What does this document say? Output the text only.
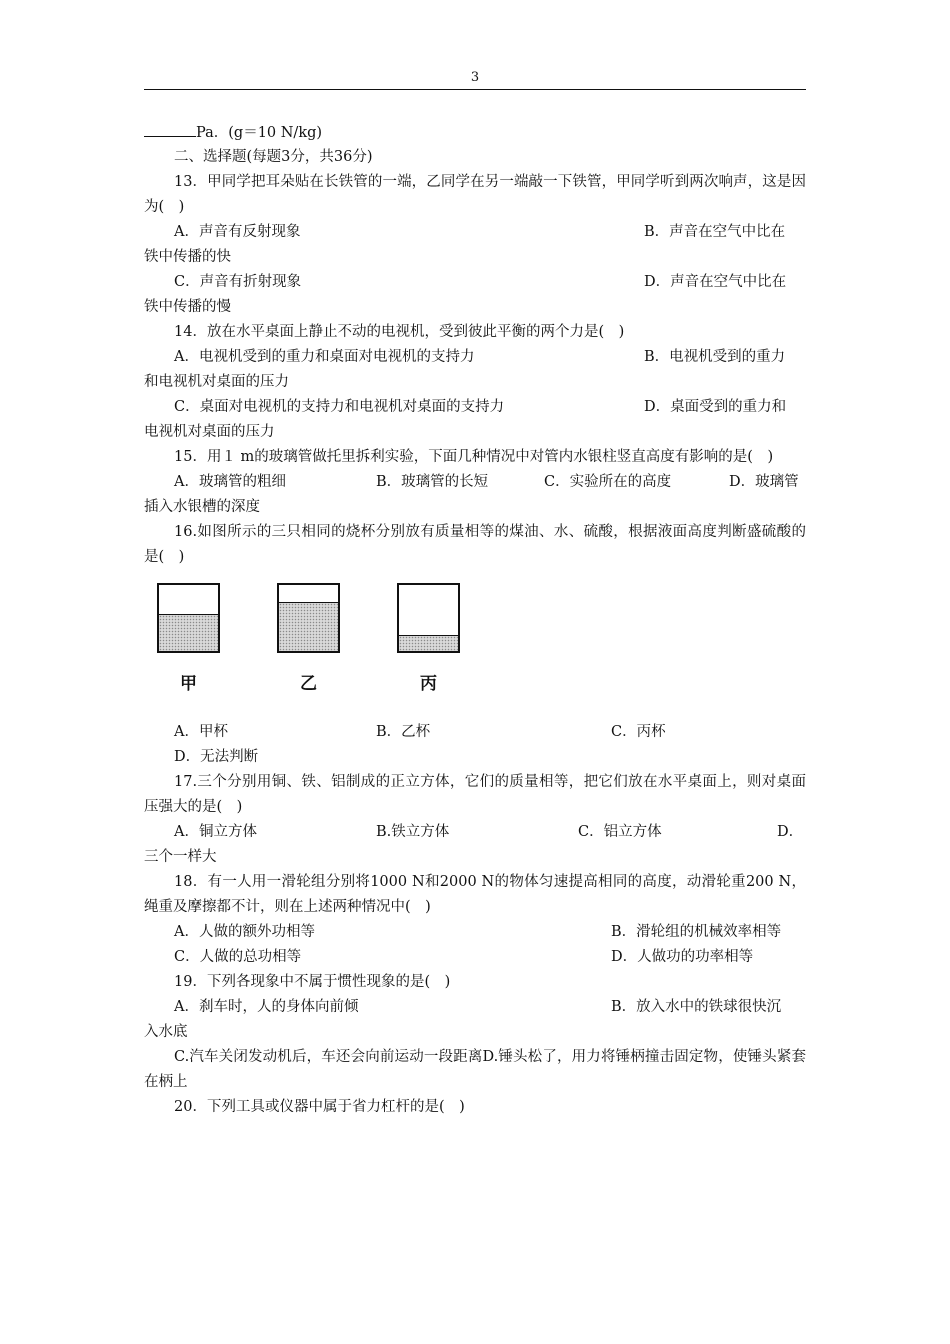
3
Pa．(g＝10 N/kg)
二、选择题(每题3分，共36分)
13．甲同学把耳朵贴在长铁管的一端，乙同学在另一端敲一下铁管，甲同学听到两次响声，这是因为(　)
A．声音有反射现象	B．声音在空气中比在
铁中传播的快
C．声音有折射现象	D．声音在空气中比在
铁中传播的慢
14．放在水平桌面上静止不动的电视机，受到彼此平衡的两个力是(　)
A．电视机受到的重力和桌面对电视机的支持力	B．电视机受到的重力
和电视机对桌面的压力
C．桌面对电视机的支持力和电视机对桌面的支持力	D．桌面受到的重力和
电视机对桌面的压力
15．用１ m的玻璃管做托里拆利实验，下面几种情况中对管内水银柱竖直高度有影响的是(　)
A．玻璃管的粗细	B．玻璃管的长短	C．实验所在的高度	D．玻璃管
插入水银槽的深度
16.如图所示的三只相同的烧杯分别放有质量相等的煤油、水、硫酸，根据液面高度判断盛硫酸的是(　)
甲	乙	丙
A．甲杯	B．乙杯	C．丙杯
D．无法判断
17.三个分别用铜、铁、铝制成的正立方体，它们的质量相等，把它们放在水平桌面上，则对桌面压强大的是(　)
A．铜立方体	B.铁立方体	C．铝立方体	D．
三个一样大
18．有一人用一滑轮组分别将1000 N和2000 N的物体匀速提高相同的高度，动滑轮重200 N，绳重及摩擦都不计，则在上述两种情况中(　)
A．人做的额外功相等	B．滑轮组的机械效率相等
C．人做的总功相等	D．人做功的功率相等
19．下列各现象中不属于惯性现象的是(　)
A．刹车时，人的身体向前倾	B．放入水中的铁球很快沉
入水底
C.汽车关闭发动机后，车还会向前运动一段距离D.锤头松了，用力将锤柄撞击固定物，使锤头紧套在柄上
20．下列工具或仪器中属于省力杠杆的是(　)
